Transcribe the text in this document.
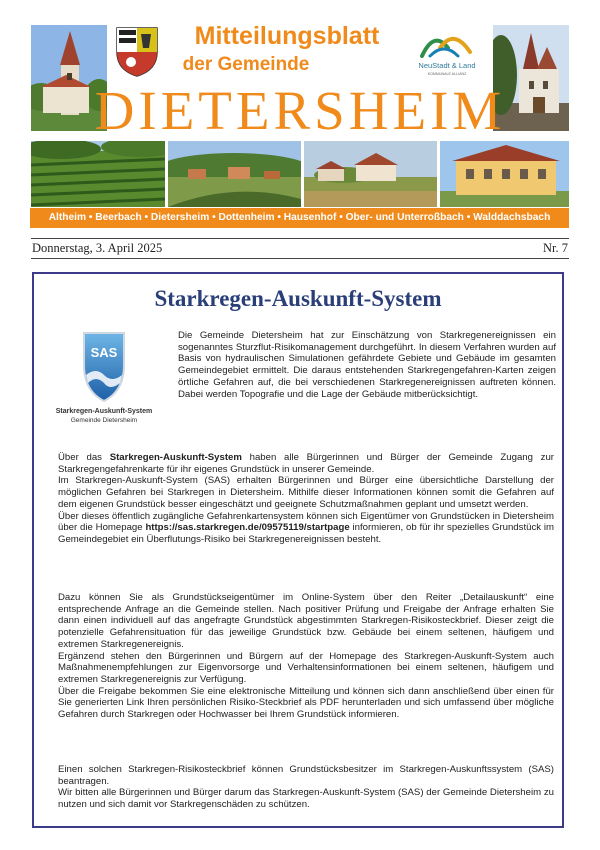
Mitteilungsblatt
der Gemeinde	NeuStadt & Land
KOMMUNALE ALLIANZ
DIETERSHEIM
Altheim • Beerbach • Dietersheim • Dottenheim • Hausenhof • Ober- und Unterroßbach • Walddachsbach
Donnerstag, 3. April 2025	Nr. 7
Starkregen-Auskunft-System
SAS
Starkregen-Auskunft-System
Gemeinde Dietersheim
Die Gemeinde Dietersheim hat zur Einschätzung von Starkregenereignissen ein sogenanntes Sturzflut-Risikomanagement durchgeführt. In diesem Verfahren wurden auf Basis von hydraulischen Simulationen gefährdete Gebiete und Gebäude im gesamten Gemeindegebiet ermittelt. Die daraus entstehenden Starkregengefahren-Karten zeigen örtliche Gefahren auf, die bei verschiedenen Starkregenereignissen auftreten können. Dabei werden Topografie und die Lage der Gebäude mitberücksichtigt.

Über das Starkregen-Auskunft-System haben alle Bürgerinnen und Bürger der Gemeinde Zugang zur Starkregengefahrenkarte für ihr eigenes Grundstück in unserer Gemeinde.

Im Starkregen-Auskunft-System (SAS) erhalten Bürgerinnen und Bürger eine übersichtliche Darstellung der möglichen Gefahren bei Starkregen in Dietersheim. Mithilfe dieser Informationen können somit die Gefahren auf dem eigenen Grundstück besser eingeschätzt und geeignete Schutzmaßnahmen geplant und umsetzt werden.

Über dieses öffentlich zugängliche Gefahrenkartensystem können sich Eigentümer von Grundstücken in Dietersheim über die Homepage https://sas.starkregen.de/09575119/startpage informieren, ob für ihr spezielles Grundstück im Gemeindegebiet ein Überflutungs-Risiko bei Starkregenereignissen besteht.

Dazu können Sie als Grundstückseigentümer im Online-System über den Reiter „Detailauskunft“ eine entsprechende Anfrage an die Gemeinde stellen. Nach positiver Prüfung und Freigabe der Anfrage erhalten Sie dann einen individuell auf das angefragte Grundstück abgestimmten Starkregen-Risikosteckbrief. Dieser zeigt die potenzielle Gefahrensituation für das jeweilige Grundstück bzw. Gebäude bei einem seltenen, häufigem und extremen Starkregenereignis.

Ergänzend stehen den Bürgerinnen und Bürgern auf der Homepage des Starkregen-Auskunft-System auch Maßnahmenempfehlungen zur Eigenvorsorge und Verhaltensinformationen bei einem seltenen, häufigem und extremen Starkregenereignis zur Verfügung.

Über die Freigabe bekommen Sie eine elektronische Mitteilung und können sich dann anschließend über einen für Sie generierten Link Ihren persönlichen Risiko-Steckbrief als PDF herunterladen und sich umfassend über mögliche Gefahren durch Starkregen oder Hochwasser bei Ihrem Grundstück informieren.

Einen solchen Starkregen-Risikosteckbrief können Grundstücksbesitzer im Starkregen-Auskunftssystem (SAS) beantragen.

Wir bitten alle Bürgerinnen und Bürger darum das Starkregen-Auskunft-System (SAS) der Gemeinde Dietersheim zu nutzen und sich damit vor Starkregenschäden zu schützen.
